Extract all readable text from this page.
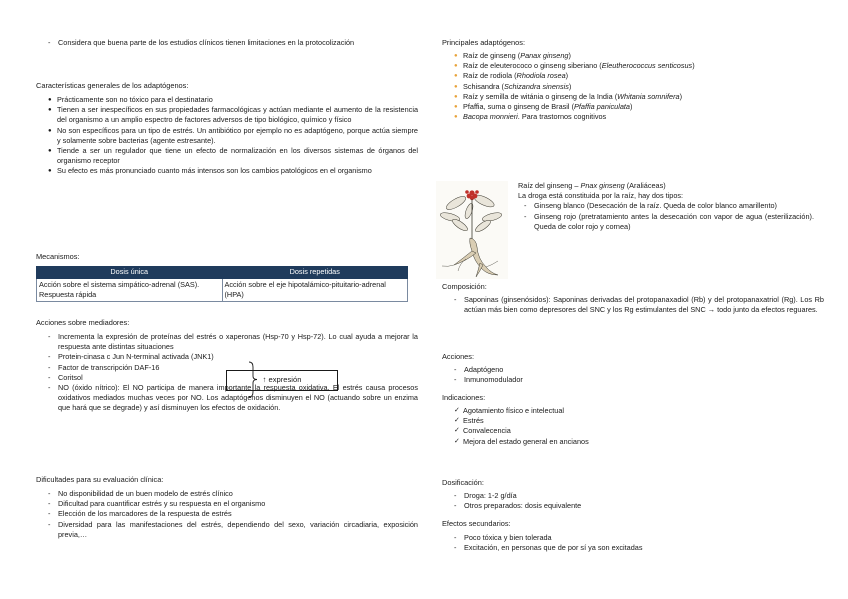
- Considera que buena parte de los estudios clínicos tienen limitaciones en la protocolización

Características generales de los adaptógenos:

● Prácticamente son no tóxico para el destinatario
● Tienen a ser inespecíficos en sus propiedades farmacológicas y actúan mediante el aumento de la resistencia del organismo a un amplio espectro de factores adversos de tipo biológico, químico y físico
● No son específicos para un tipo de estrés. Un antibiótico por ejemplo no es adaptógeno, porque actúa siempre y solamente sobre bacterias (agente estresante).
● Tiende a ser un regulador que tiene un efecto de normalización en los diversos sistemas de órganos del organismo receptor
● Su efecto es más pronunciado cuanto más intensos son los cambios patológicos en el organismo

Mecanismos:

Dosis única	Dosis repetidas
Acción sobre el sistema simpático-adrenal (SAS). Respuesta rápida	Acción sobre el eje hipotalámico-pituitario-adrenal (HPA)

Acciones sobre mediadores:

- Incrementa la expresión de proteínas del estrés o xaperonas (Hsp-70 y Hsp-72). Lo cual ayuda a mejorar la respuesta ante distintas situaciones
- Protein-cinasa c Jun N-terminal activada (JNK1)
- Factor de transcripción DAF-16
- Coritsol
- NO (óxido nítrico): El NO participa de manera importante la respuesta oxidativa. El estrés causa procesos oxidativos mediados muchas veces por NO. Los adaptógenos disminuyen el NO (actuando sobre un enzima que hará que se degrade) y así disminuyen los efectos de oxidación.

Dificultades para su evaluación clínica:

- No disponibilidad de un buen modelo de estrés clínico
- Dificultad para cuantificar estrés y su respuesta en el organismo
- Elección de los marcadores de la respuesta de estrés
- Diversidad para las manifestaciones del estrés, dependiendo del sexo, variación circadiaria, exposición previa,…
↑ expresión

Principales adaptógenos:

● Raíz de ginseng (Panax ginseng)
● Raíz de eleuterococo o ginseng siberiano (Eleutherococcus senticosus)
● Raíz de rodiola (Rhodiola rosea)
● Schisandra (Schizandra sinensis)
● Raíz y semilla de witánia o ginseng de la India (Whitania somnifera)
● Pfaffia, suma o ginseng de Brasil (Pfaffia paniculata)
● Bacopa monnieri. Para trastornos cognitivos

Raíz del ginseng – Pnax ginseng (Araliáceas)

La droga está constituida por la raíz, hay dos tipos:

- Ginseng blanco (Desecación de la raíz. Queda de color blanco amarillento)
- Ginseng rojo (pretratamiento antes la desecación con vapor de agua (esterilización). Queda de color rojo y cornea)

Composición:

- Saponinas (ginsenósidos): Saponinas derivadas del protopanaxadiol (Rb) y del protopanaxatriol (Rg). Los Rb actúan más bien como depresores del SNC y los Rg estimulantes del SNC → todo junto da efectos reguares.

Acciones:

- Adaptógeno
- Inmunomodulador

Indicaciones:

✓ Agotamiento físico e intelectual
✓ Estrés
✓ Convalecencia
✓ Mejora del estado general en ancianos

Dosificación:

- Droga: 1-2 g/día
- Otros preparados: dosis equivalente

Efectos secundarios:

- Poco tóxica y bien tolerada
- Excitación, en personas que de por sí ya son excitadas
